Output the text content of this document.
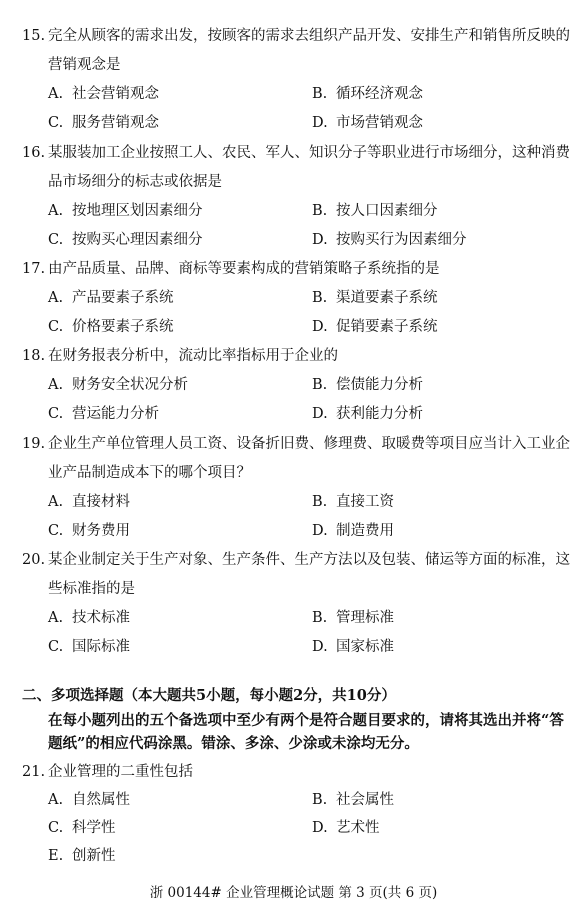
15. 完全从顾客的需求出发，按顾客的需求去组织产品开发、安排生产和销售所反映的
营销观念是
A. 社会营销观念	B. 循环经济观念
C. 服务营销观念	D. 市场营销观念
16. 某服装加工企业按照工人、农民、军人、知识分子等职业进行市场细分，这种消费
品市场细分的标志或依据是
A. 按地理区划因素细分	B. 按人口因素细分
C. 按购买心理因素细分	D. 按购买行为因素细分
17. 由产品质量、品牌、商标等要素构成的营销策略子系统指的是
A. 产品要素子系统	B. 渠道要素子系统
C. 价格要素子系统	D. 促销要素子系统
18. 在财务报表分析中，流动比率指标用于企业的
A. 财务安全状况分析	B. 偿债能力分析
C. 营运能力分析	D. 获利能力分析
19. 企业生产单位管理人员工资、设备折旧费、修理费、取暖费等项目应当计入工业企
业产品制造成本下的哪个项目？
A. 直接材料	B. 直接工资
C. 财务费用	D. 制造费用
20. 某企业制定关于生产对象、生产条件、生产方法以及包装、储运等方面的标准，这
些标准指的是
A. 技术标准	B. 管理标准
C. 国际标准	D. 国家标准
二、多项选择题（本大题共5小题，每小题2分，共10分）
在每小题列出的五个备选项中至少有两个是符合题目要求的，请将其选出并将“答
题纸”的相应代码涂黑。错涂、多涂、少涂或未涂均无分。
21. 企业管理的二重性包括
A. 自然属性	B. 社会属性
C. 科学性	D. 艺术性
E. 创新性
浙 00144# 企业管理概论试题 第 3 页(共 6 页)
